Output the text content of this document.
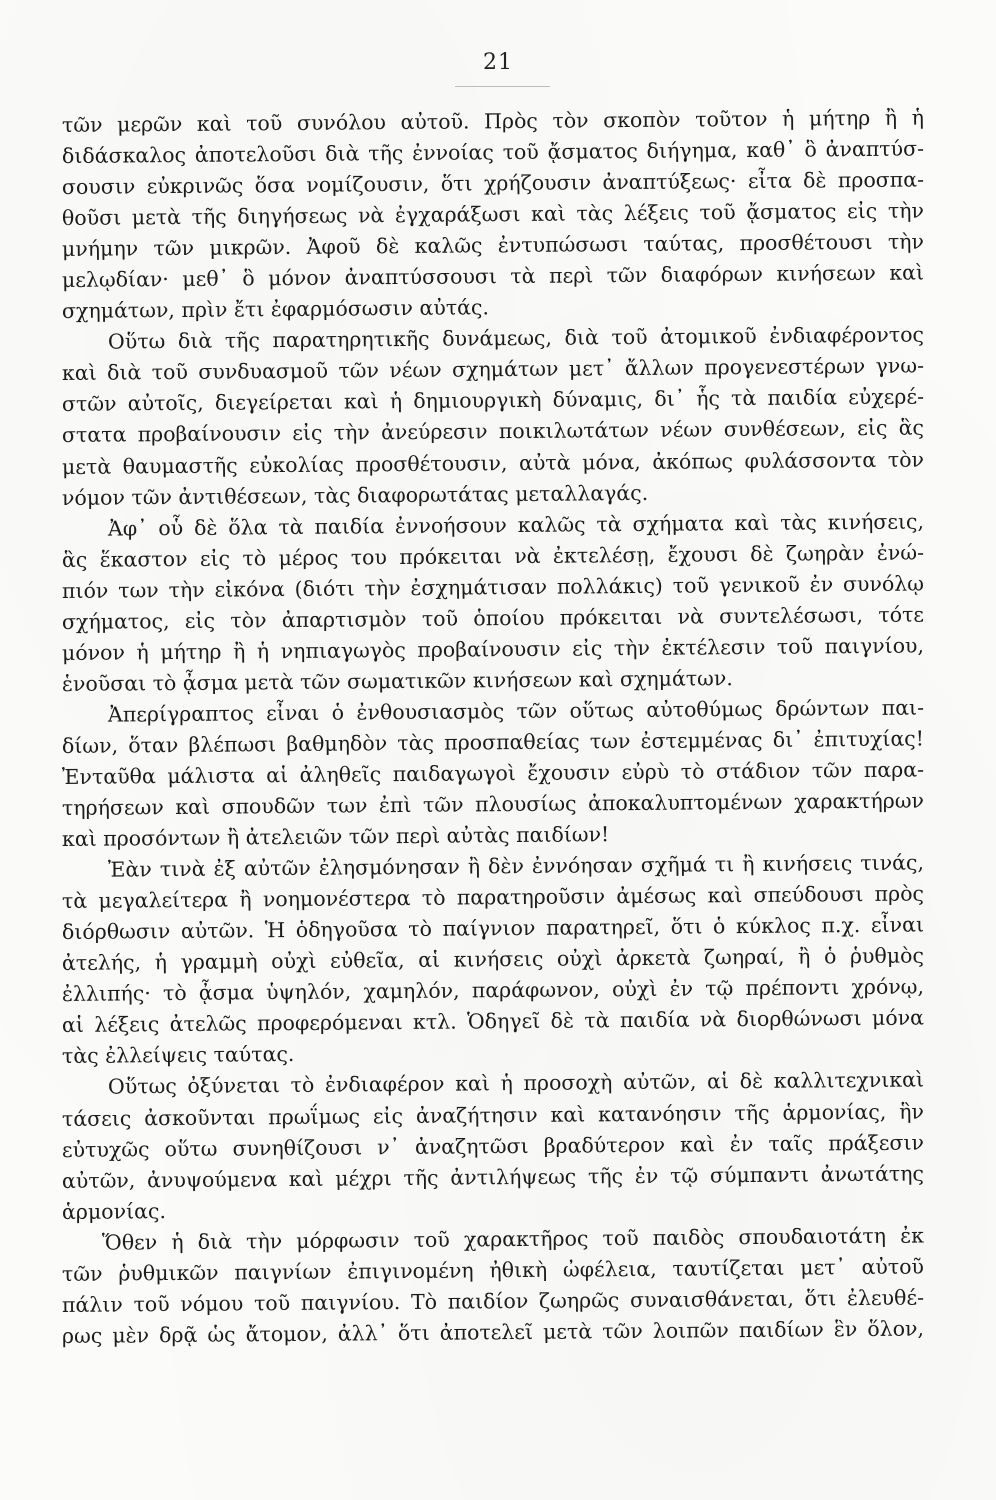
21
τῶν μερῶν καὶ τοῦ συνόλου αὐτοῦ. Πρὸς τὸν σκοπὸν τοῦτον ἡ μήτηρ ἢ ἡ
διδάσκαλος ἀποτελοῦσι διὰ τῆς ἐννοίας τοῦ ᾄσματος διήγημα, καθ᾽ ὃ ἀναπτύσ-
σουσιν εὐκρινῶς ὅσα νομίζουσιν, ὅτι χρήζουσιν ἀναπτύξεως· εἶτα δὲ προσπα-
θοῦσι μετὰ τῆς διηγήσεως νὰ ἐγχαράξωσι καὶ τὰς λέξεις τοῦ ᾄσματος εἰς τὴν
μνήμην τῶν μικρῶν. Ἀφοῦ δὲ καλῶς ἐντυπώσωσι ταύτας, προσθέτουσι τὴν
μελῳδίαν· μεθ᾽ ὃ μόνον ἀναπτύσσουσι τὰ περὶ τῶν διαφόρων κινήσεων καὶ
σχημάτων, πρὶν ἔτι ἐφαρμόσωσιν αὐτάς.
Οὕτω διὰ τῆς παρατηρητικῆς δυνάμεως, διὰ τοῦ ἀτομικοῦ ἐνδιαφέροντος
καὶ διὰ τοῦ συνδυασμοῦ τῶν νέων σχημάτων μετ᾽ ἄλλων προγενεστέρων γνω-
στῶν αὐτοῖς, διεγείρεται καὶ ἡ δημιουργικὴ δύναμις, δι᾽ ἧς τὰ παιδία εὐχερέ-
στατα προβαίνουσιν εἰς τὴν ἀνεύρεσιν ποικιλωτάτων νέων συνθέσεων, εἰς ἃς
μετὰ θαυμαστῆς εὐκολίας προσθέτουσιν, αὐτὰ μόνα, ἀκόπως φυλάσσοντα τὸν
νόμον τῶν ἀντιθέσεων, τὰς διαφορωτάτας μεταλλαγάς.
Ἀφ᾽ οὗ δὲ ὅλα τὰ παιδία ἐννοήσουν καλῶς τὰ σχήματα καὶ τὰς κινήσεις,
ἃς ἕκαστον εἰς τὸ μέρος του πρόκειται νὰ ἐκτελέσῃ, ἔχουσι δὲ ζωηρὰν ἐνώ-
πιόν των τὴν εἰκόνα (διότι τὴν ἐσχημάτισαν πολλάκις) τοῦ γενικοῦ ἐν συνόλῳ
σχήματος, εἰς τὸν ἀπαρτισμὸν τοῦ ὁποίου πρόκειται νὰ συντελέσωσι, τότε
μόνον ἡ μήτηρ ἢ ἡ νηπιαγωγὸς προβαίνουσιν εἰς τὴν ἐκτέλεσιν τοῦ παιγνίου,
ἑνοῦσαι τὸ ᾆσμα μετὰ τῶν σωματικῶν κινήσεων καὶ σχημάτων.
Ἀπερίγραπτος εἶναι ὁ ἐνθουσιασμὸς τῶν οὕτως αὐτοθύμως δρώντων παι-
δίων, ὅταν βλέπωσι βαθμηδὸν τὰς προσπαθείας των ἐστεμμένας δι᾽ ἐπιτυχίας!
Ἐνταῦθα μάλιστα αἱ ἀληθεῖς παιδαγωγοὶ ἔχουσιν εὐρὺ τὸ στάδιον τῶν παρα-
τηρήσεων καὶ σπουδῶν των ἐπὶ τῶν πλουσίως ἀποκαλυπτομένων χαρακτήρων
καὶ προσόντων ἢ ἀτελειῶν τῶν περὶ αὐτὰς παιδίων!
Ἐὰν τινὰ ἐξ αὐτῶν ἐλησμόνησαν ἢ δὲν ἐννόησαν σχῆμά τι ἢ κινήσεις τινάς,
τὰ μεγαλείτερα ἢ νοημονέστερα τὸ παρατηροῦσιν ἀμέσως καὶ σπεύδουσι πρὸς
διόρθωσιν αὐτῶν. Ἡ ὁδηγοῦσα τὸ παίγνιον παρατηρεῖ, ὅτι ὁ κύκλος π.χ. εἶναι
ἀτελής, ἡ γραμμὴ οὐχὶ εὐθεῖα, αἱ κινήσεις οὐχὶ ἀρκετὰ ζωηραί, ἢ ὁ ῥυθμὸς
ἐλλιπής· τὸ ᾆσμα ὑψηλόν, χαμηλόν, παράφωνον, οὐχὶ ἐν τῷ πρέποντι χρόνῳ,
αἱ λέξεις ἀτελῶς προφερόμεναι κτλ. Ὁδηγεῖ δὲ τὰ παιδία νὰ διορθώνωσι μόνα
τὰς ἐλλείψεις ταύτας.
Οὕτως ὀξύνεται τὸ ἐνδιαφέρον καὶ ἡ προσοχὴ αὐτῶν, αἱ δὲ καλλιτεχνικαὶ
τάσεις ἀσκοῦνται πρωΐμως εἰς ἀναζήτησιν καὶ κατανόησιν τῆς ἁρμονίας, ἣν
εὐτυχῶς οὕτω συνηθίζουσι ν᾽ ἀναζητῶσι βραδύτερον καὶ ἐν ταῖς πράξεσιν
αὐτῶν, ἀνυψούμενα καὶ μέχρι τῆς ἀντιλήψεως τῆς ἐν τῷ σύμπαντι ἀνωτάτης
ἁρμονίας.
Ὅθεν ἡ διὰ τὴν μόρφωσιν τοῦ χαρακτῆρος τοῦ παιδὸς σπουδαιοτάτη ἐκ
τῶν ῥυθμικῶν παιγνίων ἐπιγινομένη ἠθικὴ ὠφέλεια, ταυτίζεται μετ᾽ αὐτοῦ
πάλιν τοῦ νόμου τοῦ παιγνίου. Τὸ παιδίον ζωηρῶς συναισθάνεται, ὅτι ἐλευθέ-
ρως μὲν δρᾷ ὡς ἄτομον, ἀλλ᾽ ὅτι ἀποτελεῖ μετὰ τῶν λοιπῶν παιδίων ἓν ὅλον,
